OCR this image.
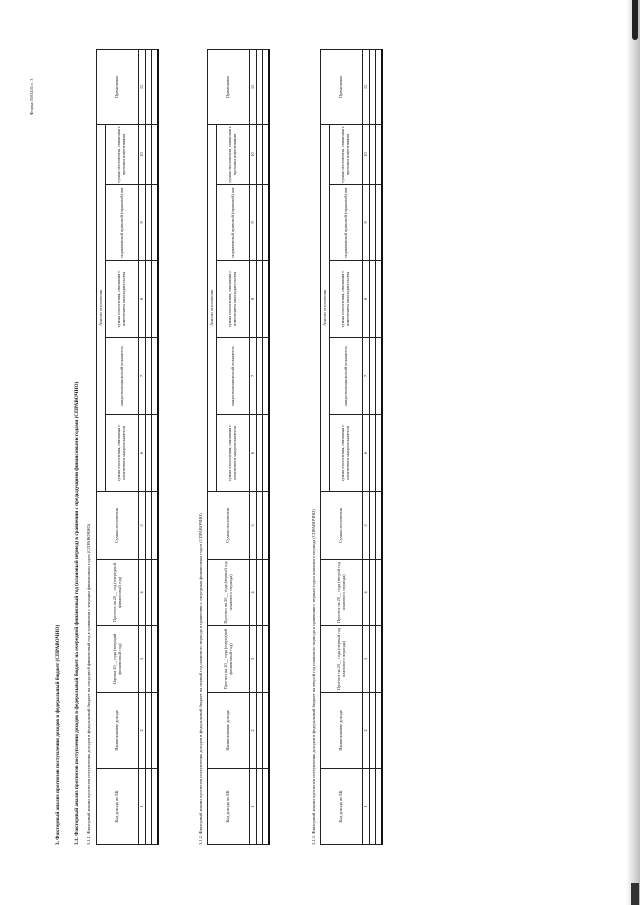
Форма 0503435 с. 3
3. Факторный анализ прогнозов поступления доходов в федеральный бюджет (СПРАВОЧНО)	3.1. Факторный анализ прогнозов поступления доходов в федеральный бюджет на очередной финансовый год (плановый период) в сравнении с предыдущими финансовыми годами (СПРАВОЧНО) 3.1.1. Факторный анализ прогнозов поступления доходов в федеральный бюджет на очередной финансовый год в сравнении с текущим финансовым годом (СПРАВОЧНО)	Код дохода по БК	Наименование дохода	Оценка 20__ года (текущий финансовый год)	Прогноз на 20__ год (очередной финансовый год)	Сумма отклонения	Анализ отклонения					Примечание
					сумма отклонения, связанная с изменением макропоказателя	макроэкономический показатель	сумма отклонения, связанная с изменением законодательства	нормативный правовой (правовой) акт	сумма отклонения, связанная с прочими изменениями	
1	2	3	4	5	6	7	8	9	10	11

3.1.2. Факторный анализ прогнозов поступления доходов в федеральный бюджет на первый год планового периода в сравнении с очередным финансовым годом (СПРАВОЧНО)	Код дохода по БК	Наименование дохода	Прогноз на 20__ года (очередной финансовый год)	Прогноз на 20__ года (первый год планового периода)	Сумма отклонения	Анализ отклонения					Примечание
					сумма отклонения, связанная с изменением макропоказателя	макроэкономический показатель	сумма отклонения, связанная с изменением законодательства	нормативный правовой (правовой) акт	сумма отклонения, связанная с прочими изменениями	
1	2	3	4	5	6	7	8	9	10	11

3.1.3. Факторный анализ прогнозов поступления доходов в федеральный бюджет на второй год планового периода в сравнении с первым годом планового периода (СПРАВОЧНО)	Код дохода по БК	Наименование дохода	Прогноз на 20__ года (первый год планового периода)	Прогноз на 20__ года (второй год планового периода)	Сумма отклонения	Анализ отклонения					Примечание
					сумма отклонения, связанная с изменением макропоказателя	макроэкономический показатель	сумма отклонения, связанная с изменением законодательства	нормативный правовой (правовой) акт	сумма отклонения, связанная с прочими изменениями	
1	2	3	4	5	6	7	8	9	10	11
